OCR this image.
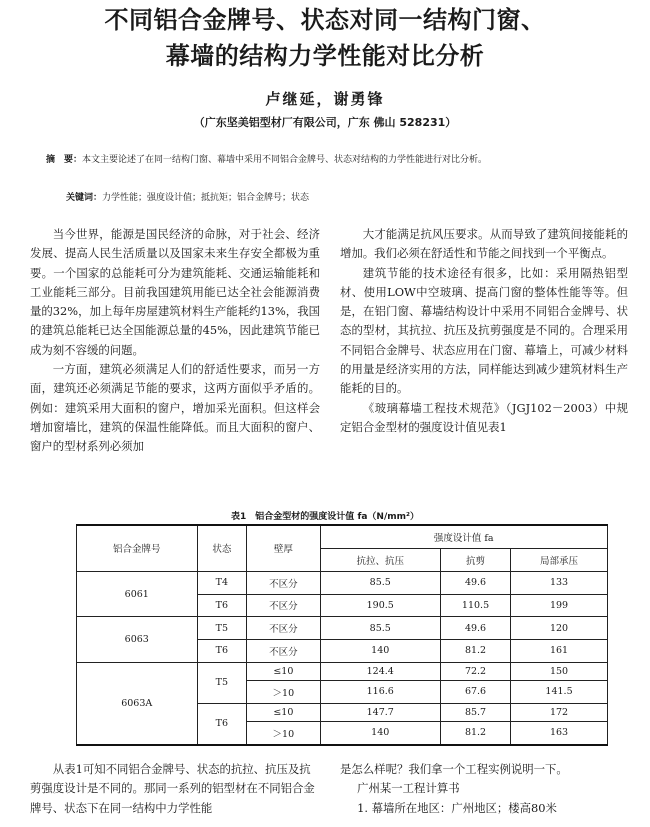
不同铝合金牌号、状态对同一结构门窗、
幕墙的结构力学性能对比分析
卢继延，谢勇锋
（广东坚美铝型材厂有限公司，广东 佛山 528231）
摘　要：本文主要论述了在同一结构门窗、幕墙中采用不同铝合金牌号、状态对结构的力学性能进行对比分析。
关键词：力学性能；强度设计值；抵抗矩；铝合金牌号；状态

当今世界，能源是国民经济的命脉，对于社会、经济发展、提高人民生活质量以及国家未来生存安全都极为重要。一个国家的总能耗可分为建筑能耗、交通运输能耗和工业能耗三部分。目前我国建筑用能已达全社会能源消费量的32%，加上每年房屋建筑材料生产能耗约13%，我国的建筑总能耗已达全国能源总量的45%，因此建筑节能已成为刻不容缓的问题。

一方面，建筑必须满足人们的舒适性要求，而另一方面，建筑还必须满足节能的要求，这两方面似乎矛盾的。例如：建筑采用大面积的窗户，增加采光面积。但这样会增加窗墙比，建筑的保温性能降低。而且大面积的窗户、窗户的型材系列必须加

大才能满足抗风压要求。从而导致了建筑间接能耗的增加。我们必须在舒适性和节能之间找到一个平衡点。

建筑节能的技术途径有很多，比如：采用隔热铝型材、使用LOW中空玻璃、提高门窗的整体性能等等。但是，在铝门窗、幕墙结构设计中采用不同铝合金牌号、状态的型材，其抗拉、抗压及抗剪强度是不同的。合理采用不同铝合金牌号、状态应用在门窗、幕墙上，可减少材料的用量是经济实用的方法，同样能达到减少建筑材料生产能耗的目的。

《玻璃幕墙工程技术规范》（JGJ102－2003）中规定铝合金型材的强度设计值见表1

表1　铝合金型材的强度设计值 fa（N/mm²）
铝合金牌号	状态	壁厚	强度设计值 fa		
			抗拉、抗压	抗剪	局部承压
6061	T4	不区分	85.5	49.6	133
	T6	不区分	190.5	110.5	199
6063	T5	不区分	85.5	49.6	120
	T6	不区分	140	81.2	161
6063A	T5	≤10	124.4	72.2	150
		＞10	116.6	67.6	141.5
	T6	≤10	147.7	85.7	172
		＞10	140	81.2	163

从表1可知不同铝合金牌号、状态的抗拉、抗压及抗剪强度设计是不同的。那同一系列的铝型材在不同铝合金牌号、状态下在同一结构中力学性能

是怎么样呢？我们拿一个工程实例说明一下。

广州某一工程计算书

1. 幕墙所在地区：广州地区；楼高80米
